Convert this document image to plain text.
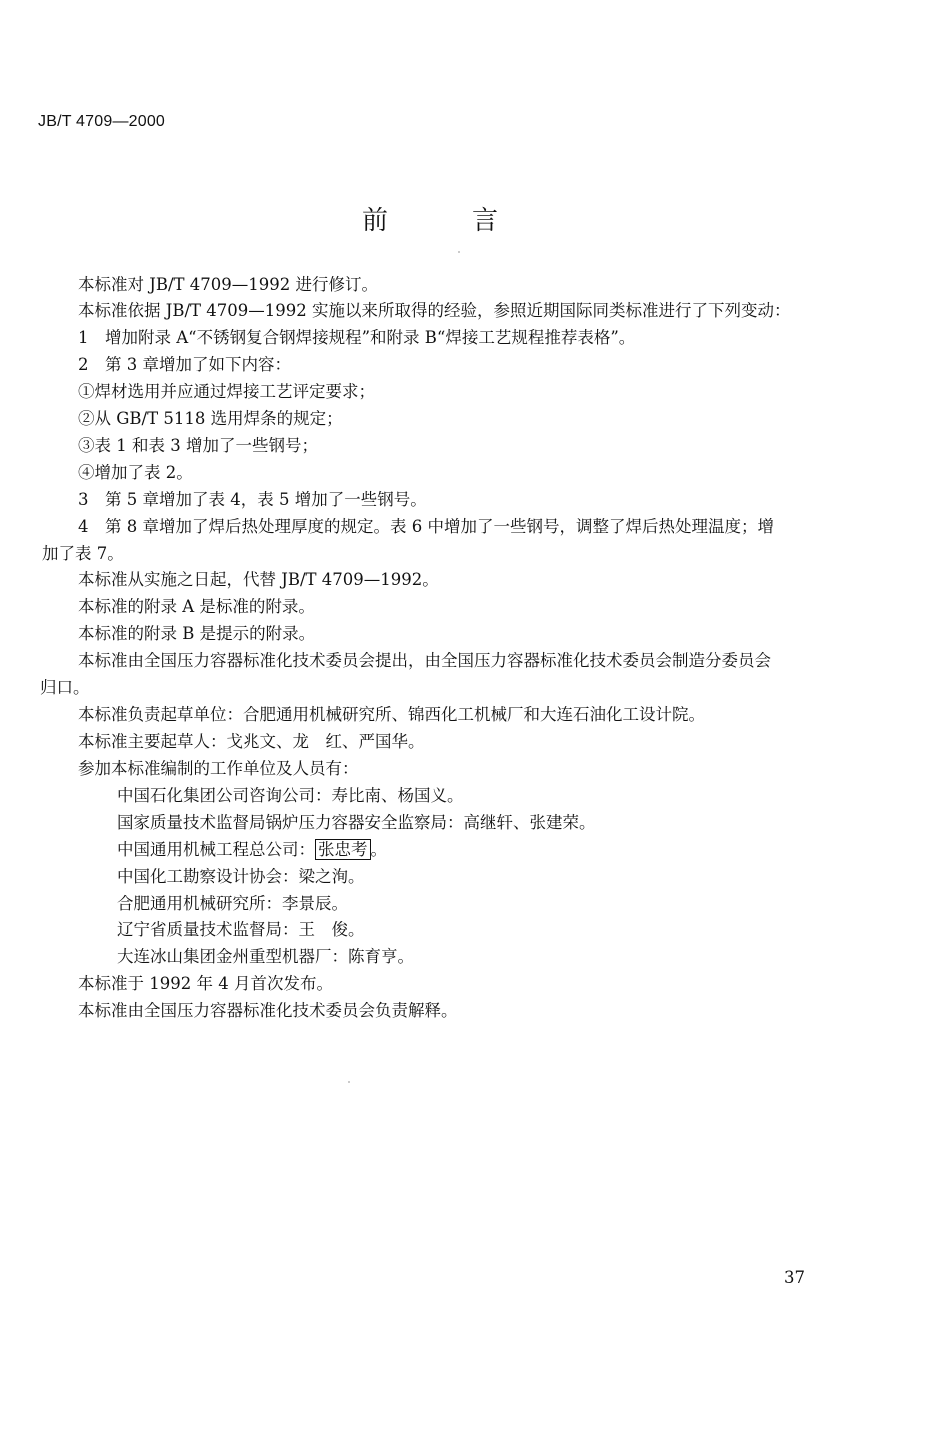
JB/T 4709—2000
前言
本标准对 JB/T 4709—1992 进行修订。
本标准依据 JB/T 4709—1992 实施以来所取得的经验，参照近期国际同类标准进行了下列变动：
1　增加附录 A“不锈钢复合钢焊接规程”和附录 B“焊接工艺规程推荐表格”。
2　第 3 章增加了如下内容：
①焊材选用并应通过焊接工艺评定要求；
②从 GB/T 5118 选用焊条的规定；
③表 1 和表 3 增加了一些钢号；
④增加了表 2。
3　第 5 章增加了表 4，表 5 增加了一些钢号。
4　第 8 章增加了焊后热处理厚度的规定。表 6 中增加了一些钢号，调整了焊后热处理温度；增
加了表 7。
本标准从实施之日起，代替 JB/T 4709—1992。
本标准的附录 A 是标准的附录。
本标准的附录 B 是提示的附录。
本标准由全国压力容器标准化技术委员会提出，由全国压力容器标准化技术委员会制造分委员会
归口。
本标准负责起草单位：合肥通用机械研究所、锦西化工机械厂和大连石油化工设计院。
本标准主要起草人：戈兆文、龙　红、严国华。
参加本标准编制的工作单位及人员有：
中国石化集团公司咨询公司：寿比南、杨国义。
国家质量技术监督局锅炉压力容器安全监察局：高继轩、张建荣。
中国通用机械工程总公司： 张忠考 。
中国化工勘察设计协会：梁之洵。
合肥通用机械研究所：李景辰。
辽宁省质量技术监督局：王　俊。
大连冰山集团金州重型机器厂：陈育亨。
本标准于 1992 年 4 月首次发布。
本标准由全国压力容器标准化技术委员会负责解释。
37
